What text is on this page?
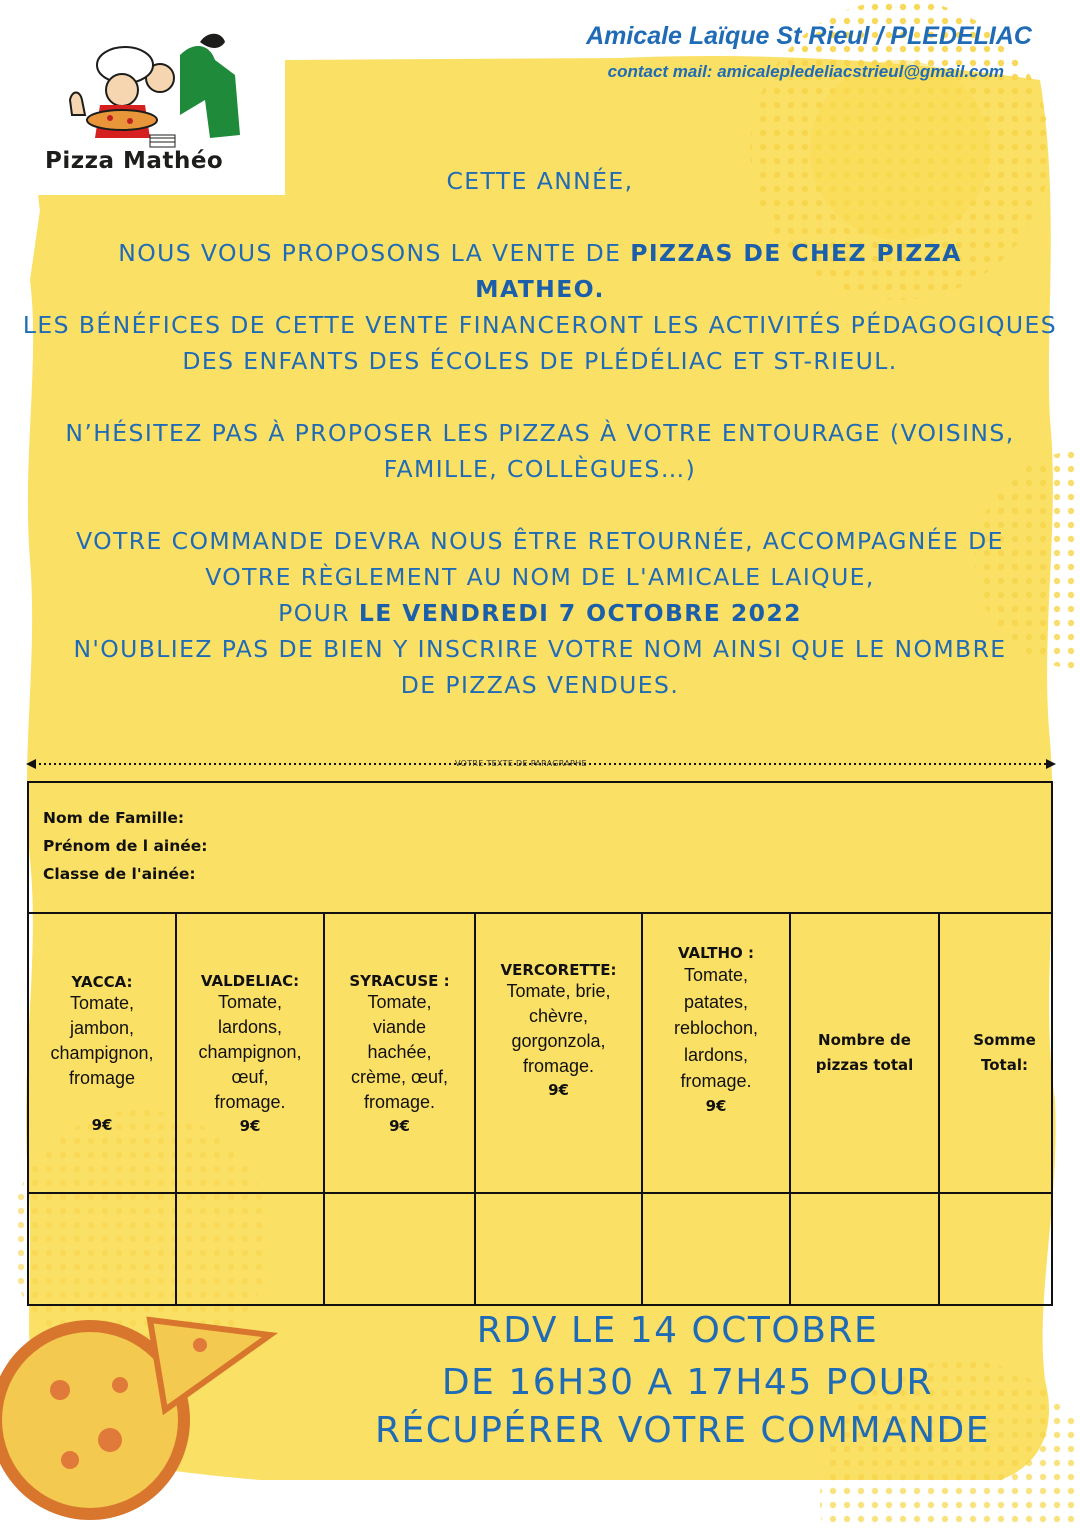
Pizza Mathéo
Amicale Laïque St Rieul / PLEDELIAC
contact mail: amicalepledeliacstrieul@gmail.com
CETTE ANNÉE,
NOUS VOUS PROPOSONS LA VENTE DE PIZZAS DE CHEZ PIZZA MATHEO.
LES BÉNÉFICES DE CETTE VENTE FINANCERONT LES ACTIVITÉS PÉDAGOGIQUES DES ENFANTS DES ÉCOLES DE PLÉDÉLIAC ET ST-RIEUL.
N’HÉSITEZ PAS À PROPOSER LES PIZZAS À VOTRE ENTOURAGE (VOISINS, FAMILLE, COLLÈGUES…)
VOTRE COMMANDE DEVRA NOUS ÊTRE RETOURNÉE, ACCOMPAGNÉE DE VOTRE RÈGLEMENT AU NOM DE L'AMICALE LAIQUE,
POUR LE VENDREDI 7 OCTOBRE 2022
N'OUBLIEZ PAS DE BIEN Y INSCRIRE VOTRE NOM AINSI QUE LE NOMBRE DE PIZZAS VENDUES.
VOTRE TEXTE DE PARAGRAPHE
Nom de Famille:
Prénom de l ainée:
Classe de l'ainée:
YACCA:
Tomate,
jambon,
champignon,
fromage
9€
VALDELIAC:
Tomate,
lardons,
champignon,
œuf,
fromage.
9€
SYRACUSE :
Tomate,
viande
hachée,
crème, œuf,
fromage.
9€
VERCORETTE:
Tomate, brie,
chèvre,
gorgonzola,
fromage.
9€
VALTHO :
Tomate,
patates,
reblochon,
lardons,
fromage.
9€
Nombre de
pizzas total
Somme
Total:
RDV LE 14 OCTOBRE
DE 16H30 A 17H45 POUR
RÉCUPÉRER VOTRE COMMANDE
